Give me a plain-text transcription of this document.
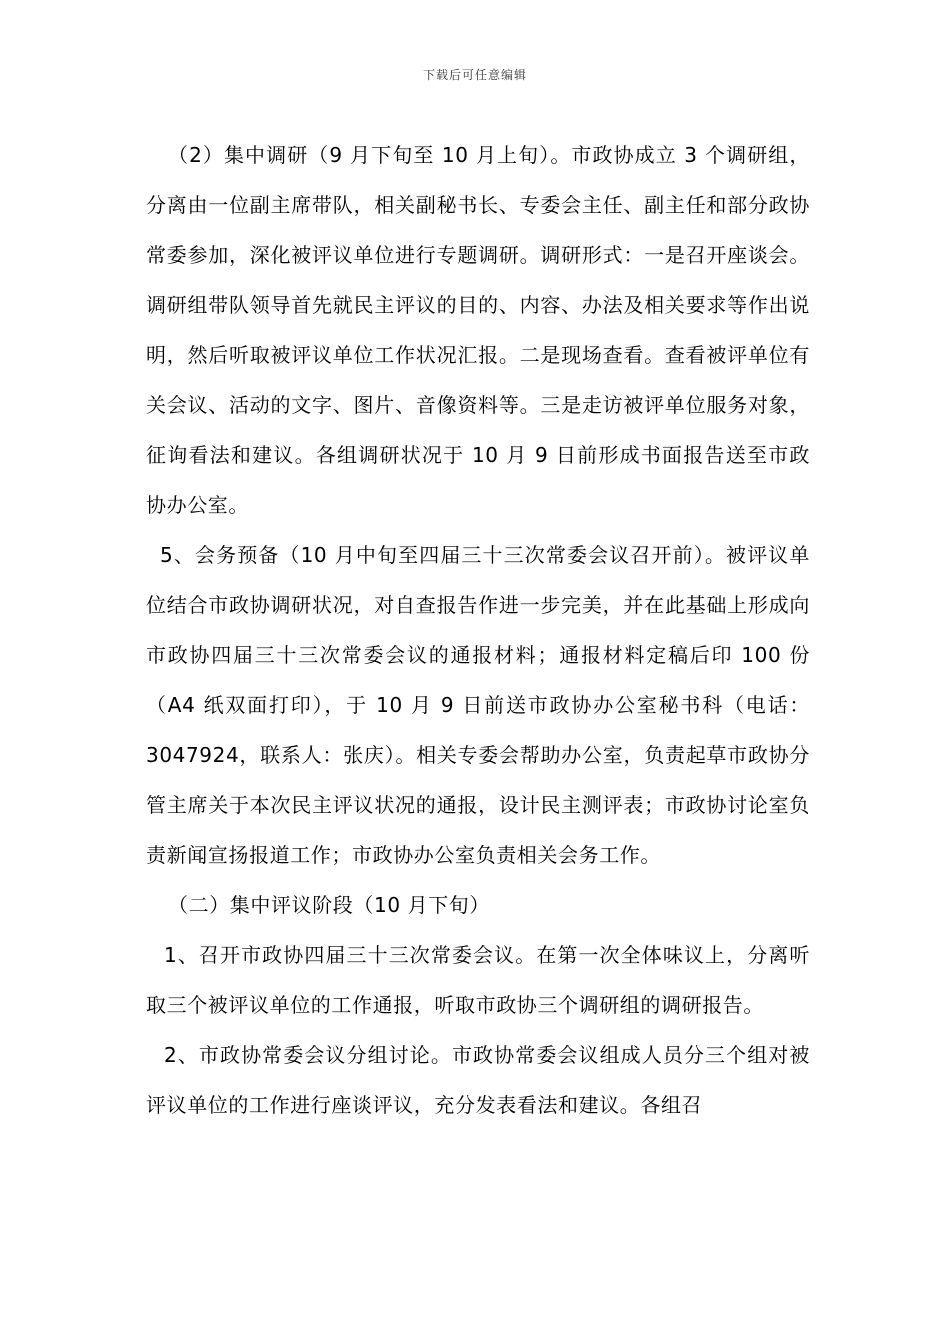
下载后可任意编辑

（2）集中调研（9 月下旬至 10 月上旬）。市政协成立 3 个调研组，分离由一位副主席带队，相关副秘书长、专委会主任、副主任和部分政协常委参加，深化被评议单位进行专题调研。调研形式：一是召开座谈会。调研组带队领导首先就民主评议的目的、内容、办法及相关要求等作出说明，然后听取被评议单位工作状况汇报。二是现场查看。查看被评单位有关会议、活动的文字、图片、音像资料等。三是走访被评单位服务对象，征询看法和建议。各组调研状况于 10 月 9 日前形成书面报告送至市政协办公室。

5、会务预备（10 月中旬至四届三十三次常委会议召开前）。被评议单位结合市政协调研状况，对自查报告作进一步完美，并在此基础上形成向市政协四届三十三次常委会议的通报材料；通报材料定稿后印 100 份（A4 纸双面打印），于 10 月 9 日前送市政协办公室秘书科（电话：3047924，联系人：张庆）。相关专委会帮助办公室，负责起草市政协分管主席关于本次民主评议状况的通报，设计民主测评表；市政协讨论室负责新闻宣扬报道工作；市政协办公室负责相关会务工作。

（二）集中评议阶段（10 月下旬）

1、召开市政协四届三十三次常委会议。在第一次全体味议上，分离听取三个被评议单位的工作通报，听取市政协三个调研组的调研报告。

2、市政协常委会议分组讨论。市政协常委会议组成人员分三个组对被评议单位的工作进行座谈评议，充分发表看法和建议。各组召
